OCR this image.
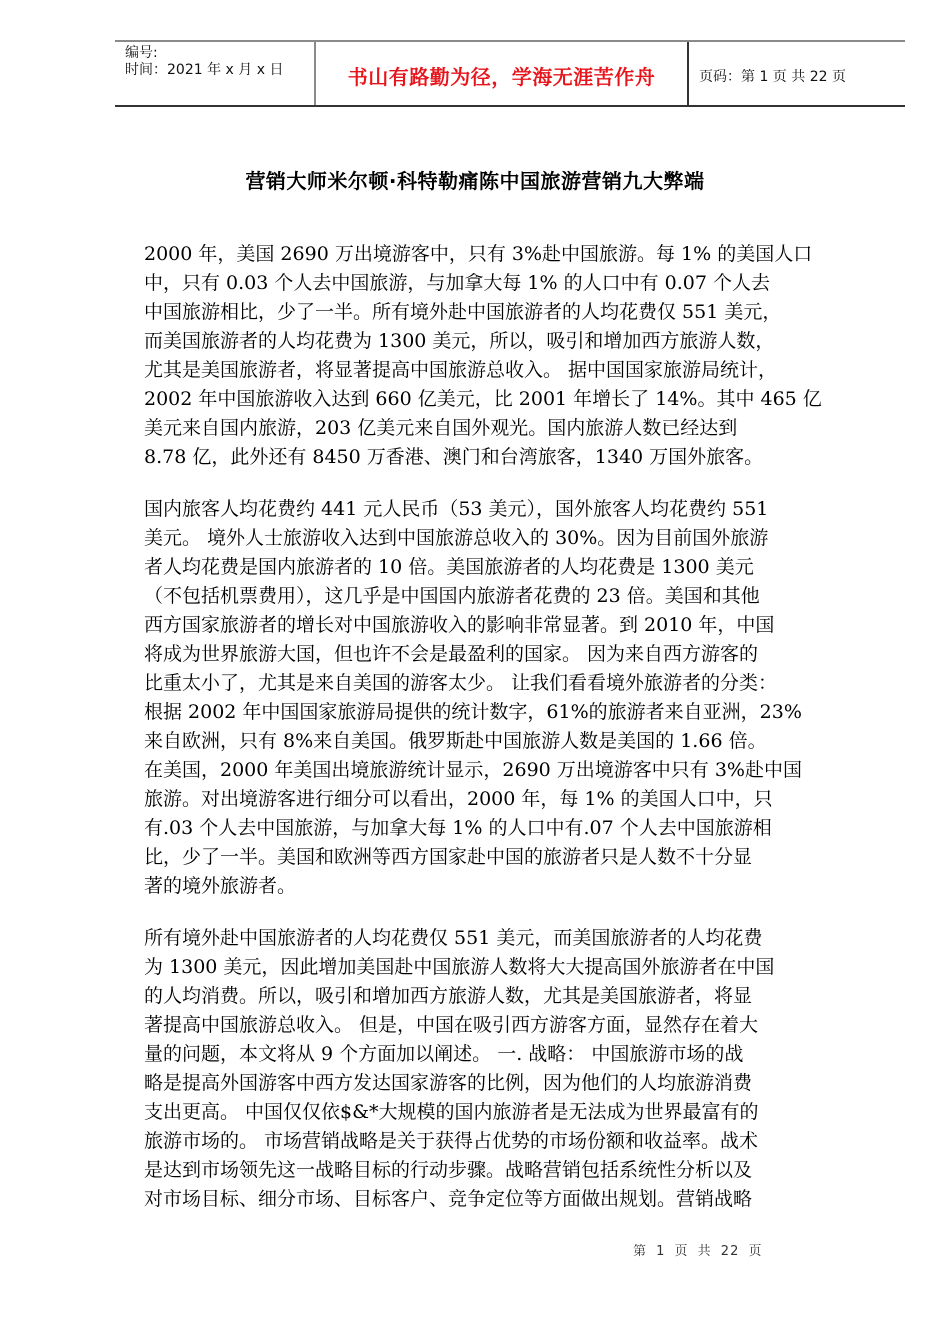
编号:
时间：2021 年 x 月 x 日	书山有路勤为径，学海无涯苦作舟	页码：第 1 页 共 22 页
营销大师米尔顿·科特勒痛陈中国旅游营销九大弊端
2000 年，美国 2690 万出境游客中，只有 3%赴中国旅游。每 1% 的美国人口
中，只有 0.03 个人去中国旅游，与加拿大每 1% 的人口中有 0.07 个人去
中国旅游相比，少了一半。所有境外赴中国旅游者的人均花费仅 551 美元，
而美国旅游者的人均花费为 1300 美元，所以，吸引和增加西方旅游人数，
尤其是美国旅游者，将显著提高中国旅游总收入。 据中国国家旅游局统计，
2002 年中国旅游收入达到 660 亿美元，比 2001 年增长了 14%。其中 465 亿
美元来自国内旅游，203 亿美元来自国外观光。国内旅游人数已经达到
8.78 亿，此外还有 8450 万香港、澳门和台湾旅客，1340 万国外旅客。
国内旅客人均花费约 441 元人民币（53 美元），国外旅客人均花费约 551
美元。 境外人士旅游收入达到中国旅游总收入的 30%。因为目前国外旅游
者人均花费是国内旅游者的 10 倍。美国旅游者的人均花费是 1300 美元
（不包括机票费用），这几乎是中国国内旅游者花费的 23 倍。美国和其他
西方国家旅游者的增长对中国旅游收入的影响非常显著。到 2010 年，中国
将成为世界旅游大国，但也许不会是最盈利的国家。 因为来自西方游客的
比重太小了，尤其是来自美国的游客太少。 让我们看看境外旅游者的分类：
根据 2002 年中国国家旅游局提供的统计数字，61%的旅游者来自亚洲，23%
来自欧洲，只有 8%来自美国。俄罗斯赴中国旅游人数是美国的 1.66 倍。
在美国，2000 年美国出境旅游统计显示，2690 万出境游客中只有 3%赴中国
旅游。对出境游客进行细分可以看出，2000 年，每 1% 的美国人口中，只
有.03 个人去中国旅游，与加拿大每 1% 的人口中有.07 个人去中国旅游相
比，少了一半。美国和欧洲等西方国家赴中国的旅游者只是人数不十分显
著的境外旅游者。
所有境外赴中国旅游者的人均花费仅 551 美元，而美国旅游者的人均花费
为 1300 美元，因此增加美国赴中国旅游人数将大大提高国外旅游者在中国
的人均消费。所以，吸引和增加西方旅游人数，尤其是美国旅游者，将显
著提高中国旅游总收入。 但是，中国在吸引西方游客方面，显然存在着大
量的问题，本文将从 9 个方面加以阐述。 一. 战略： 中国旅游市场的战
略是提高外国游客中西方发达国家游客的比例，因为他们的人均旅游消费
支出更高。 中国仅仅依$&*大规模的国内旅游者是无法成为世界最富有的
旅游市场的。 市场营销战略是关于获得占优势的市场份额和收益率。战术
是达到市场领先这一战略目标的行动步骤。战略营销包括系统性分析以及
对市场目标、细分市场、目标客户、竞争定位等方面做出规划。营销战略
第 1 页 共 22 页
